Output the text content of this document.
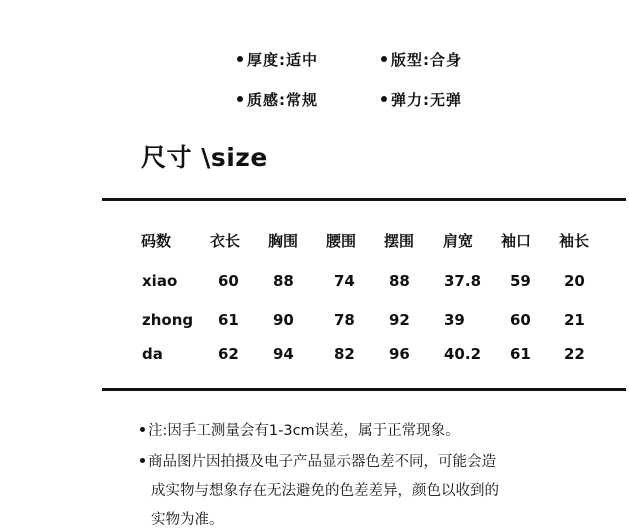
厚度:适中	版型:合身
质感:常规	弹力:无弹
尺寸 \size
码数	衣长 胸围 腰围 摆围 肩宽 袖口 袖长
xiao	60 88	74 88 37.8 59 20
zhong 61 90	78 92 39	60 21
da	62 94	82 96 40.2 61 22
注:因手工测量会有1-3cm误差，属于正常现象。
商品图片因拍摄及电子产品显示器色差不同，可能会造
成实物与想象存在无法避免的色差差异，颜色以收到的
实物为准。
